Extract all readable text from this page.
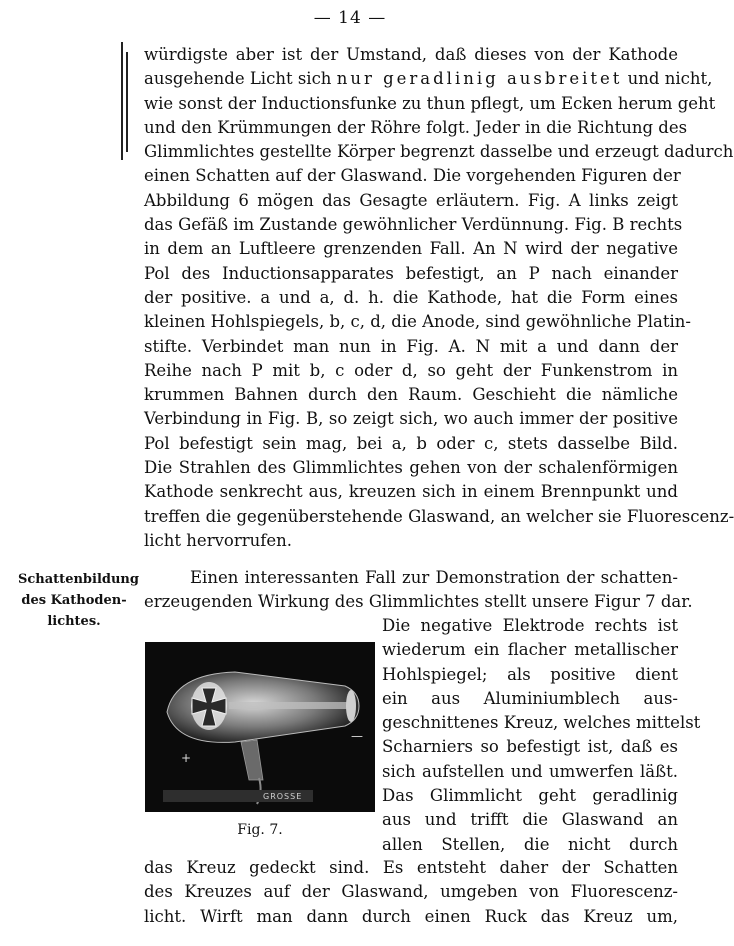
— 14 —
würdigste aber ist der Umstand, daß dieses von der Kathode
ausgehende Licht sich nur geradlinig ausbreitet und nicht,
wie sonst der Inductionsfunke zu thun pflegt, um Ecken herum geht
und den Krümmungen der Röhre folgt. Jeder in die Richtung des
Glimmlichtes gestellte Körper begrenzt dasselbe und erzeugt dadurch
einen Schatten auf der Glaswand. Die vorgehenden Figuren der
Abbildung 6 mögen das Gesagte erläutern. Fig. A links zeigt
das Gefäß im Zustande gewöhnlicher Verdünnung. Fig. B rechts
in dem an Luftleere grenzenden Fall. An N wird der negative
Pol des Inductionsapparates befestigt, an P nach einander
der positive. a und a, d. h. die Kathode, hat die Form eines
kleinen Hohlspiegels, b, c, d, die Anode, sind gewöhnliche Platin-
stifte. Verbindet man nun in Fig. A. N mit a und dann der
Reihe nach P mit b, c oder d, so geht der Funkenstrom in
krummen Bahnen durch den Raum. Geschieht die nämliche
Verbindung in Fig. B, so zeigt sich, wo auch immer der positive
Pol befestigt sein mag, bei a, b oder c, stets dasselbe Bild.
Die Strahlen des Glimmlichtes gehen von der schalenförmigen
Kathode senkrecht aus, kreuzen sich in einem Brennpunkt und
treffen die gegenüberstehende Glaswand, an welcher sie Fluorescenz-
licht hervorrufen.
Schattenbildung
des Kathoden-
lichtes.
Einen interessanten Fall zur Demonstration der schatten-
erzeugenden Wirkung des Glimmlichtes stellt unsere Figur 7 dar.
+
—
GROSSE
Fig. 7.
Die negative Elektrode rechts ist
wiederum ein flacher metallischer
Hohlspiegel; als positive dient
ein aus Aluminiumblech aus-
geschnittenes Kreuz, welches mittelst
Scharniers so befestigt ist, daß es
sich aufstellen und umwerfen läßt.
Das Glimmlicht geht geradlinig
aus und trifft die Glaswand an
allen Stellen, die nicht durch
das Kreuz gedeckt sind. Es entsteht daher der Schatten
des Kreuzes auf der Glaswand, umgeben von Fluorescenz-
licht. Wirft man dann durch einen Ruck das Kreuz um,
